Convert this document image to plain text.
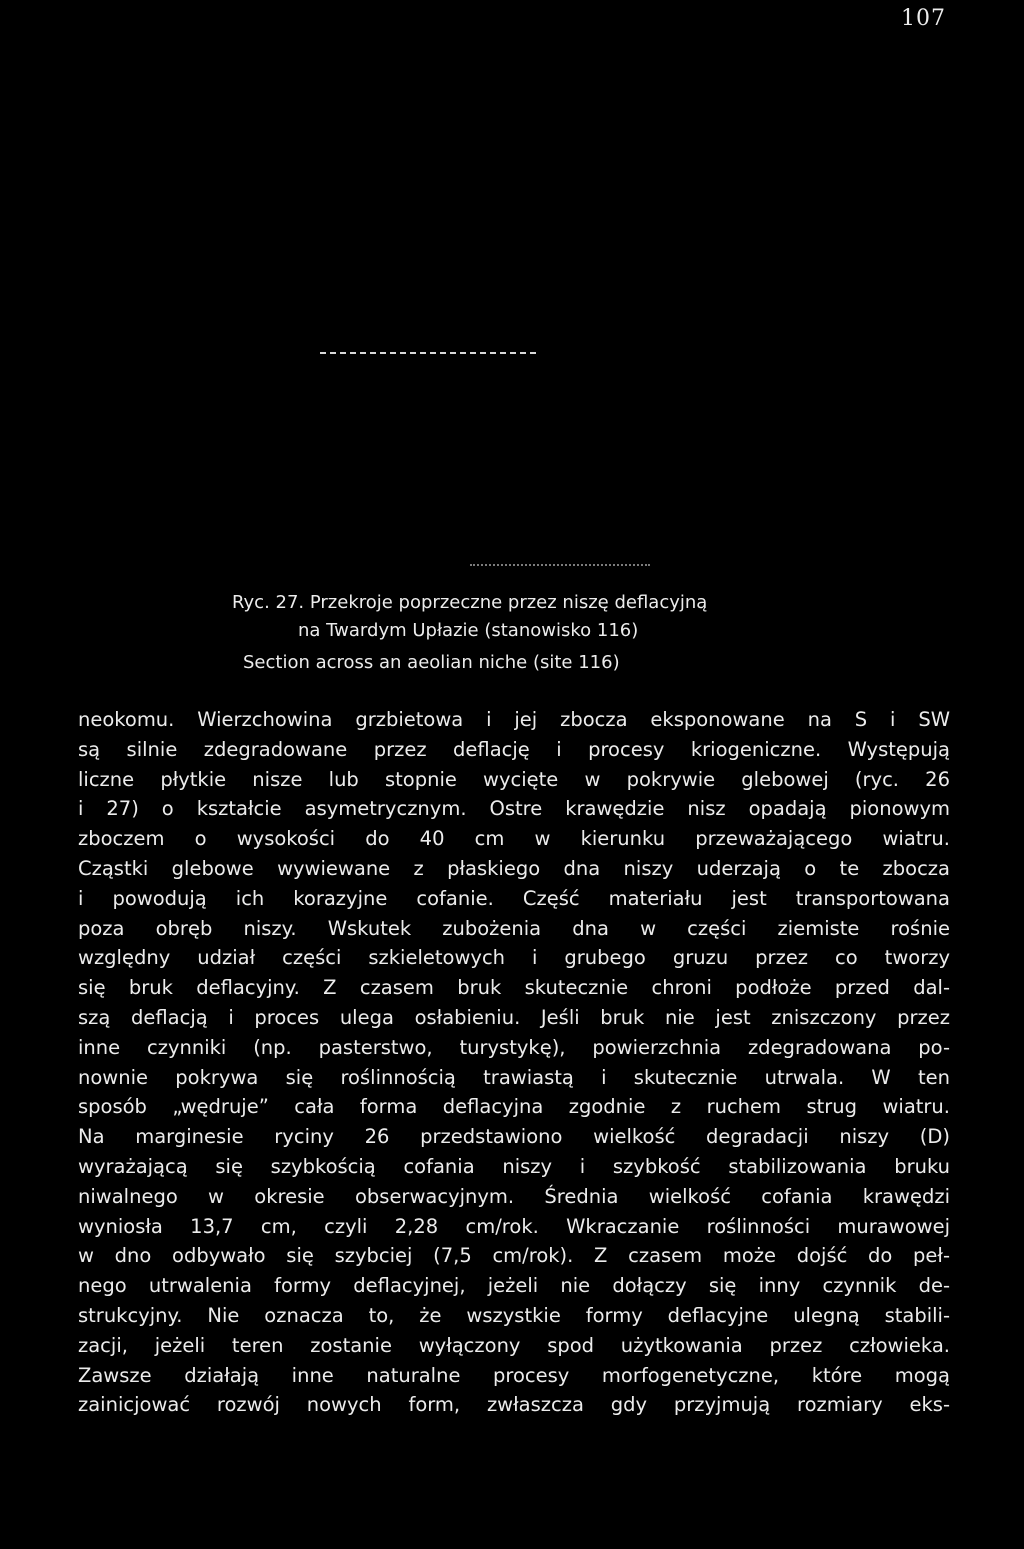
107
Ryc. 27. Przekroje poprzeczne przez niszę deflacyjną
na Twardym Upłazie (stanowisko 116)
Section across an aeolian niche (site 116)
neokomu. Wierzchowina grzbietowa i jej zbocza eksponowane na S i SW
są silnie zdegradowane przez deflację i procesy kriogeniczne. Występują
liczne płytkie nisze lub stopnie wycięte w pokrywie glebowej (ryc. 26
i 27) o kształcie asymetrycznym. Ostre krawędzie nisz opadają pionowym
zboczem o wysokości do 40 cm w kierunku przeważającego wiatru.
Cząstki glebowe wywiewane z płaskiego dna niszy uderzają o te zbocza
i powodują ich korazyjne cofanie. Część materiału jest transportowana
poza obręb niszy. Wskutek zubożenia dna w części ziemiste rośnie
względny udział części szkieletowych i grubego gruzu przez co tworzy
się bruk deflacyjny. Z czasem bruk skutecznie chroni podłoże przed dal-
szą deflacją i proces ulega osłabieniu. Jeśli bruk nie jest zniszczony przez
inne czynniki (np. pasterstwo, turystykę), powierzchnia zdegradowana po-
nownie pokrywa się roślinnością trawiastą i skutecznie utrwala. W ten
sposób „wędruje” cała forma deflacyjna zgodnie z ruchem strug wiatru.
Na marginesie ryciny 26 przedstawiono wielkość degradacji niszy (D)
wyrażającą się szybkością cofania niszy i szybkość stabilizowania bruku
niwalnego w okresie obserwacyjnym. Średnia wielkość cofania krawędzi
wyniosła 13,7 cm, czyli 2,28 cm/rok. Wkraczanie roślinności murawowej
w dno odbywało się szybciej (7,5 cm/rok). Z czasem może dojść do peł-
nego utrwalenia formy deflacyjnej, jeżeli nie dołączy się inny czynnik de-
strukcyjny. Nie oznacza to, że wszystkie formy deflacyjne ulegną stabili-
zacji, jeżeli teren zostanie wyłączony spod użytkowania przez człowieka.
Zawsze działają inne naturalne procesy morfogenetyczne, które mogą
zainicjować rozwój nowych form, zwłaszcza gdy przyjmują rozmiary eks-
